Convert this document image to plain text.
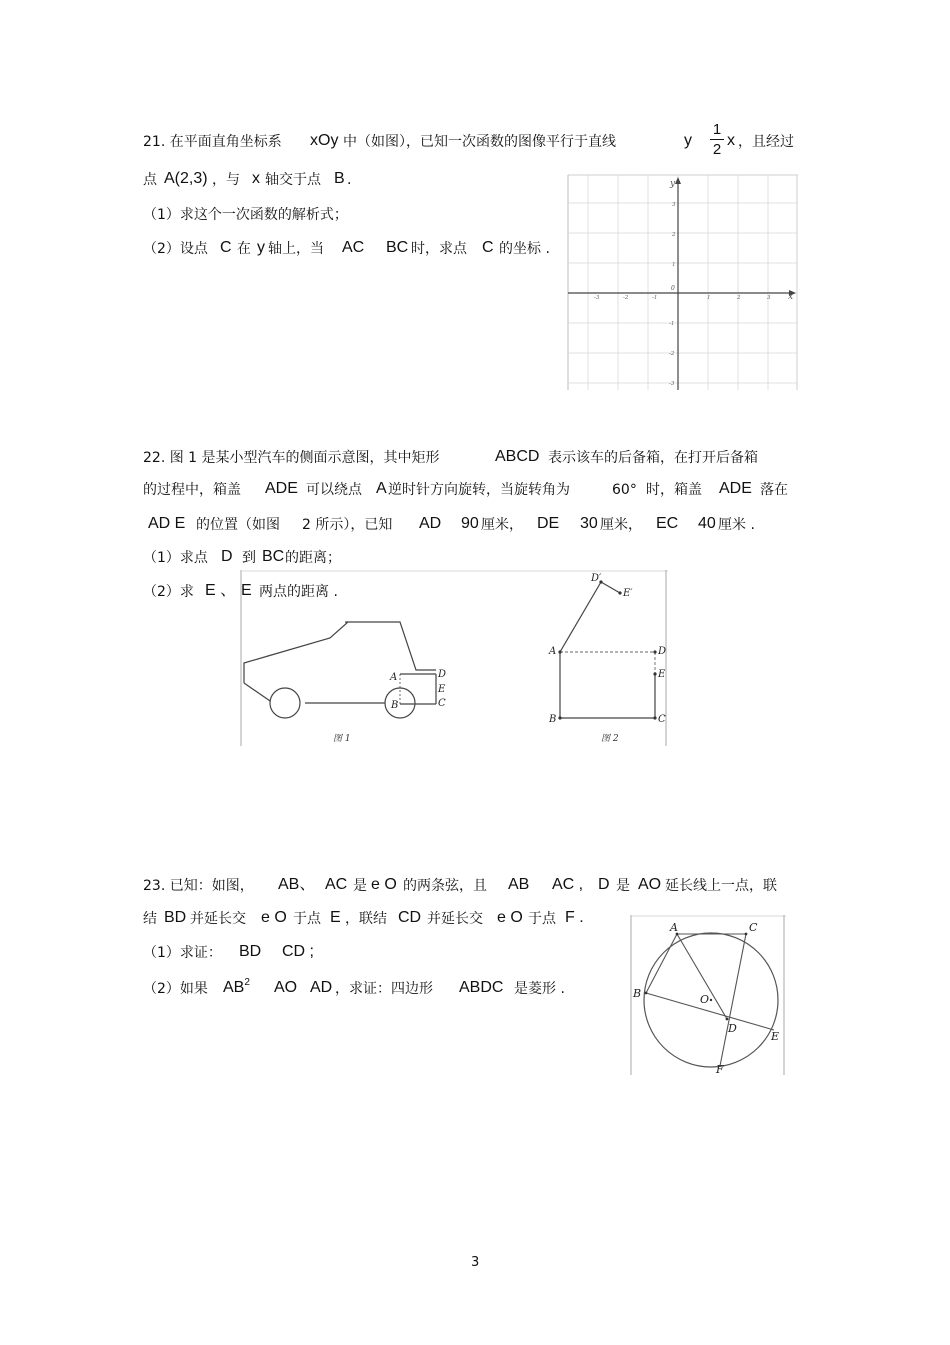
21. 在平面直角坐标系 xOy 中（如图），已知一次函数的图像平行于直线	y
1
2
x ，且经过
点 A(2,3) ，与 x 轴交于点 B .
（1）求这个一次函数的解析式；
（2）设点 C 在 y 轴上，当 AC BC 时，求点 C 的坐标 .
x
y
0
-3	-2	-1	1	2	3
3
2
1
-1
-2
-3
22. 图 1 是某小型汽车的侧面示意图，其中矩形	ABCD 表示该车的后备箱，在打开后备箱
的过程中，箱盖 ADE 可以绕点 A 逆时针方向旋转，当旋转角为	60° 时，箱盖 ADE 落在
AD E 的位置（如图 2 所示），已知 AD 90 厘米， DE 30 厘米， EC 40 厘米 .
（1）求点 D 到 BC 的距离；
（2）求 E 、 E 两点的距离 .
A
B
D
E
C
图 1
A
B	C
D
E
D′
E′
图 2
23. 已知：如图， AB、 AC 是 e O 的两条弦，且 AB AC , D 是 AO 延长线上一点，联
结 BD 并延长交 e O 于点 E ，联结 CD 并延长交 e O 于点 F .
（1）求证： BD CD ;
（2）如果 $AB^2$ AO AD ，求证：四边形 ABDC 是菱形 .
A	C
B	O
D
E
F
3
